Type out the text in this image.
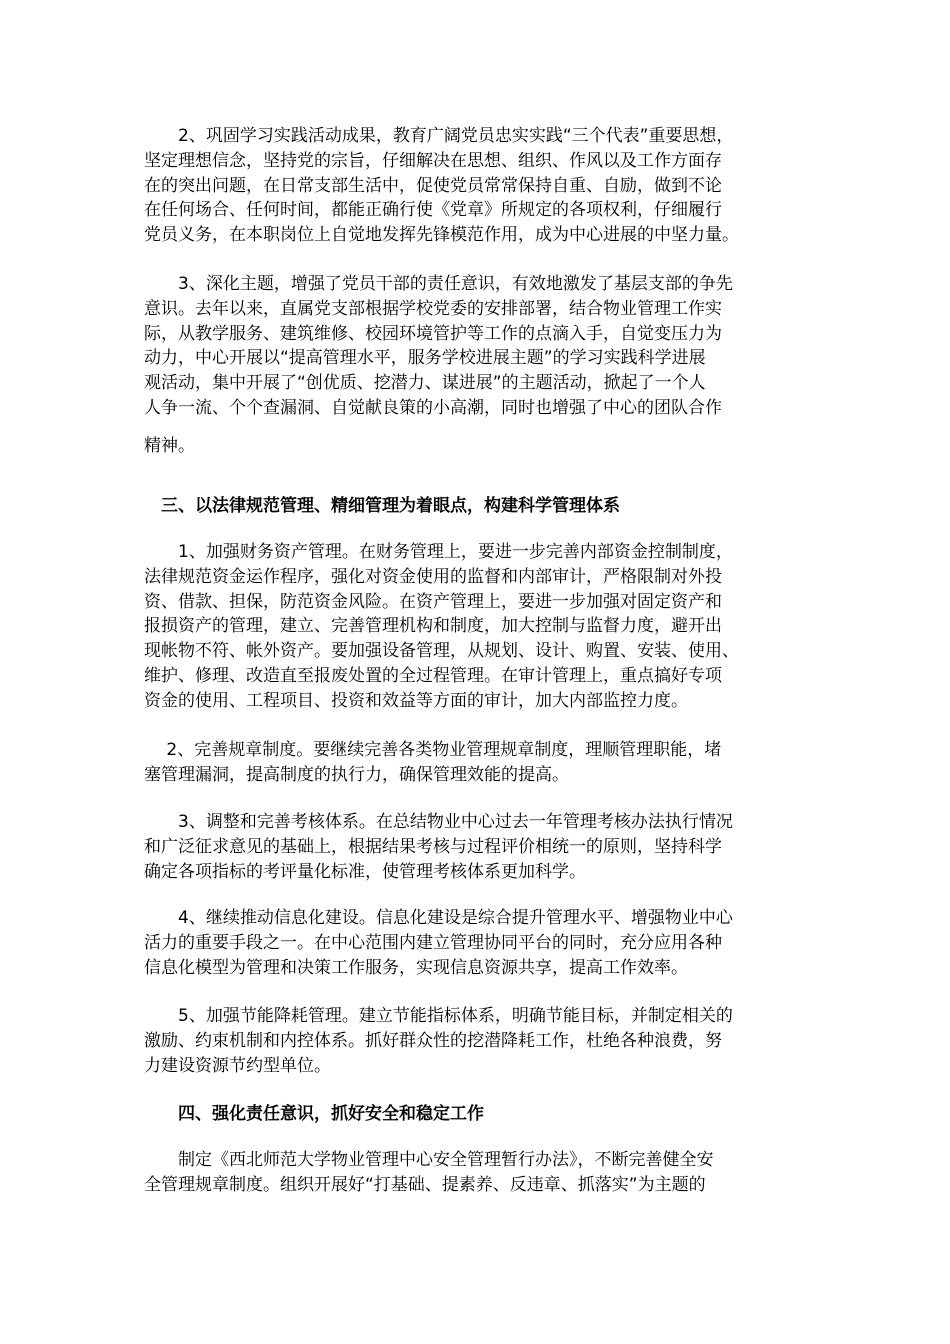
　　2、巩固学习实践活动成果，教育广阔党员忠实实践“三个代表”重要思想，
坚定理想信念，坚持党的宗旨，仔细解决在思想、组织、作风以及工作方面存
在的突出问题，在日常支部生活中，促使党员常常保持自重、自励，做到不论
在任何场合、任何时间，都能正确行使《党章》所规定的各项权利，仔细履行
党员义务，在本职岗位上自觉地发挥先锋模范作用，成为中心进展的中坚力量。

　　3、深化主题，增强了党员干部的责任意识，有效地激发了基层支部的争先
意识。去年以来，直属党支部根据学校党委的安排部署，结合物业管理工作实
际，从教学服务、建筑维修、校园环境管护等工作的点滴入手，自觉变压力为
动力，中心开展以“提高管理水平，服务学校进展主题”的学习实践科学进展
观活动，集中开展了“创优质、挖潜力、谋进展”的主题活动，掀起了一个人
人争一流、个个查漏洞、自觉献良策的小高潮，同时也增强了中心的团队合作

精神。

　三、以法律规范管理、精细管理为着眼点，构建科学管理体系

　　1、加强财务资产管理。在财务管理上，要进一步完善内部资金控制制度，
法律规范资金运作程序，强化对资金使用的监督和内部审计，严格限制对外投
资、借款、担保，防范资金风险。在资产管理上，要进一步加强对固定资产和
报损资产的管理，建立、完善管理机构和制度，加大控制与监督力度，避开出
现帐物不符、帐外资产。要加强设备管理，从规划、设计、购置、安装、使用、
维护、修理、改造直至报废处置的全过程管理。在审计管理上，重点搞好专项
资金的使用、工程项目、投资和效益等方面的审计，加大内部监控力度。

　 2、完善规章制度。要继续完善各类物业管理规章制度，理顺管理职能，堵
塞管理漏洞，提高制度的执行力，确保管理效能的提高。

　　3、调整和完善考核体系。在总结物业中心过去一年管理考核办法执行情况
和广泛征求意见的基础上，根据结果考核与过程评价相统一的原则，坚持科学
确定各项指标的考评量化标准，使管理考核体系更加科学。

　　4、继续推动信息化建设。信息化建设是综合提升管理水平、增强物业中心
活力的重要手段之一。在中心范围内建立管理协同平台的同时，充分应用各种
信息化模型为管理和决策工作服务，实现信息资源共享，提高工作效率。

　　5、加强节能降耗管理。建立节能指标体系，明确节能目标，并制定相关的
激励、约束机制和内控体系。抓好群众性的挖潜降耗工作，杜绝各种浪费，努
力建设资源节约型单位。

　　四、强化责任意识，抓好安全和稳定工作

　　制定《西北师范大学物业管理中心安全管理暂行办法》，不断完善健全安
全管理规章制度。组织开展好“打基础、提素养、反违章、抓落实”为主题的
